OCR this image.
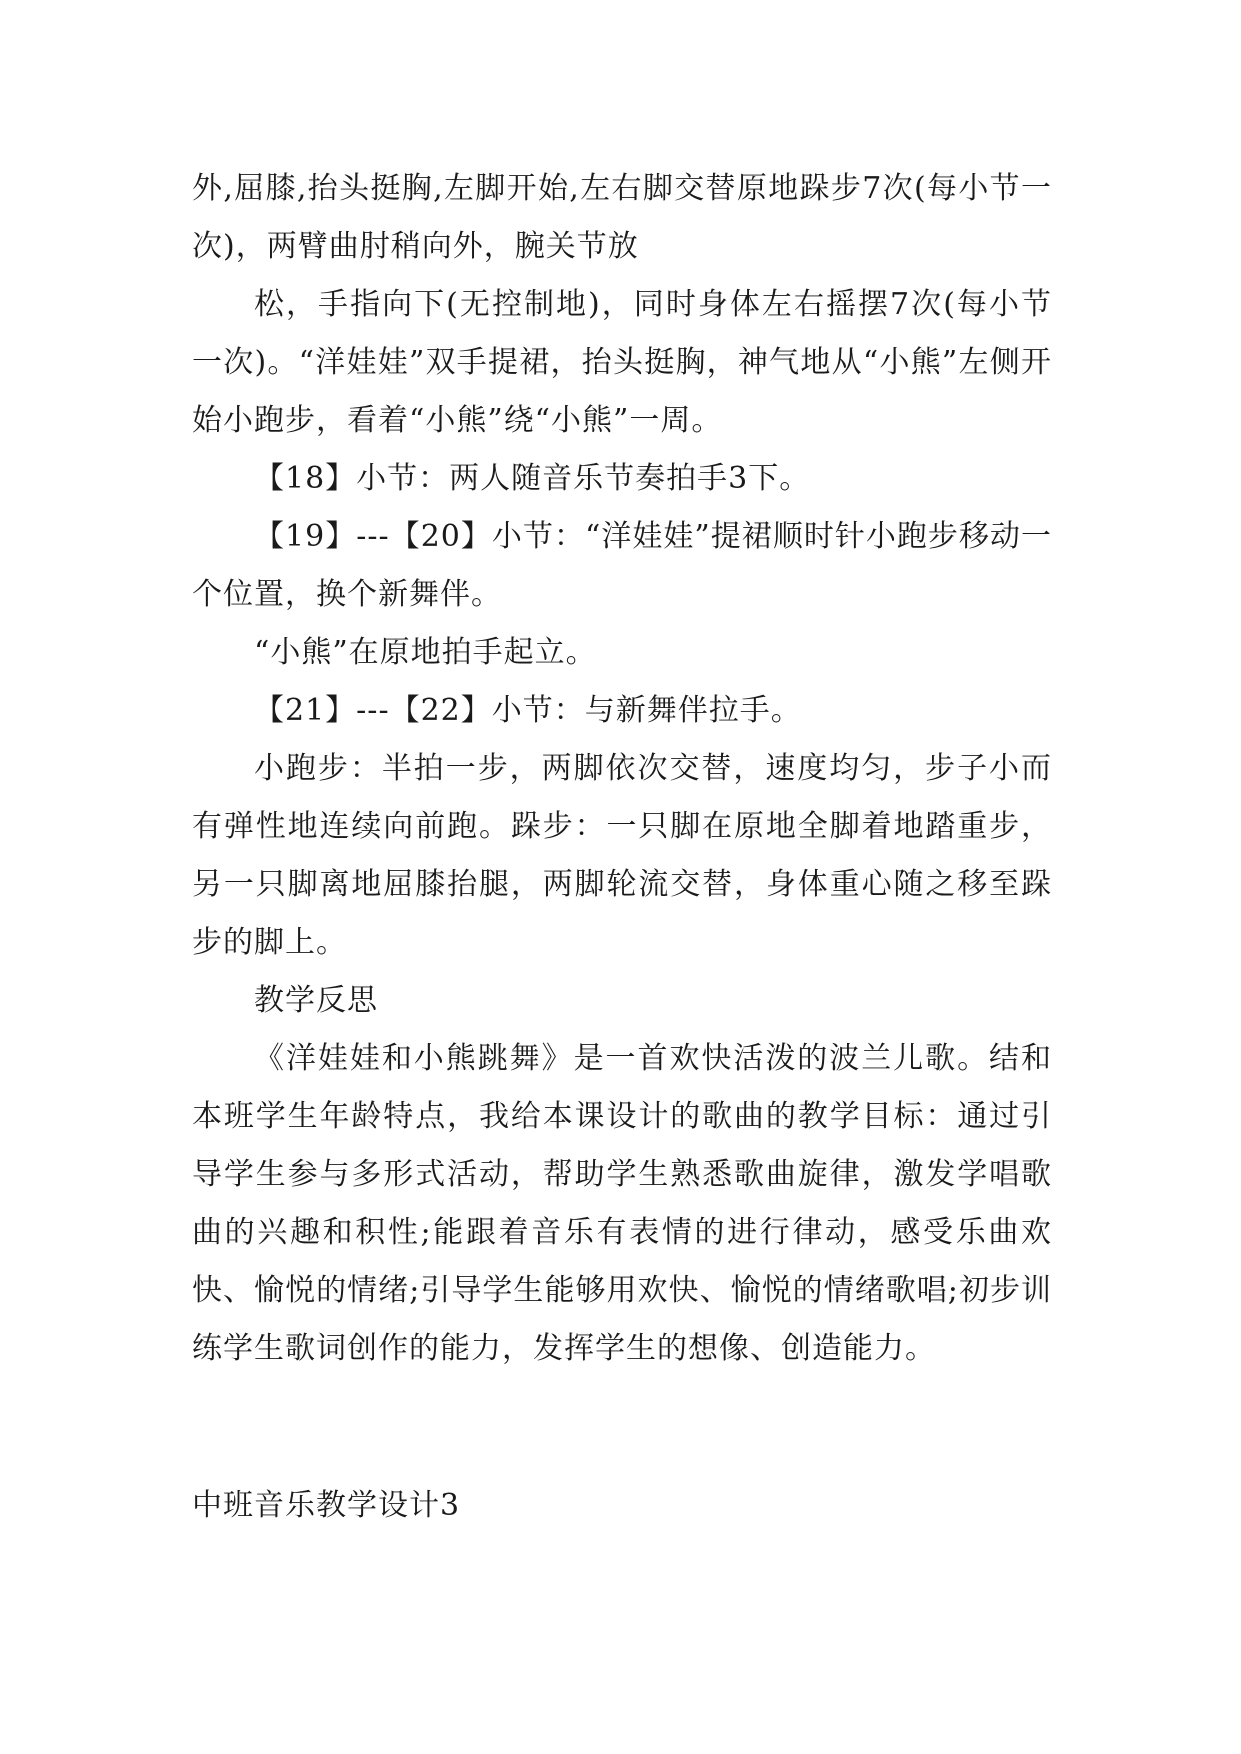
外,屈膝,抬头挺胸,左脚开始,左右脚交替原地跺步7次(每小节一次)，两臂曲肘稍向外，腕关节放

松，手指向下(无控制地)，同时身体左右摇摆7次(每小节一次)。“洋娃娃”双手提裙，抬头挺胸，神气地从“小熊”左侧开始小跑步，看着“小熊”绕“小熊”一周。

【18】小节：两人随音乐节奏拍手3下。

【19】---【20】小节：“洋娃娃”提裙顺时针小跑步移动一个位置，换个新舞伴。

“小熊”在原地拍手起立。

【21】---【22】小节：与新舞伴拉手。

小跑步：半拍一步，两脚依次交替，速度均匀，步子小而有弹性地连续向前跑。跺步：一只脚在原地全脚着地踏重步，另一只脚离地屈膝抬腿，两脚轮流交替，身体重心随之移至跺步的脚上。

教学反思

《洋娃娃和小熊跳舞》是一首欢快活泼的波兰儿歌。结和本班学生年龄特点，我给本课设计的歌曲的教学目标：通过引导学生参与多形式活动，帮助学生熟悉歌曲旋律，激发学唱歌曲的兴趣和积性;能跟着音乐有表情的进行律动，感受乐曲欢快、愉悦的情绪;引导学生能够用欢快、愉悦的情绪歌唱;初步训练学生歌词创作的能力，发挥学生的想像、创造能力。

中班音乐教学设计3
